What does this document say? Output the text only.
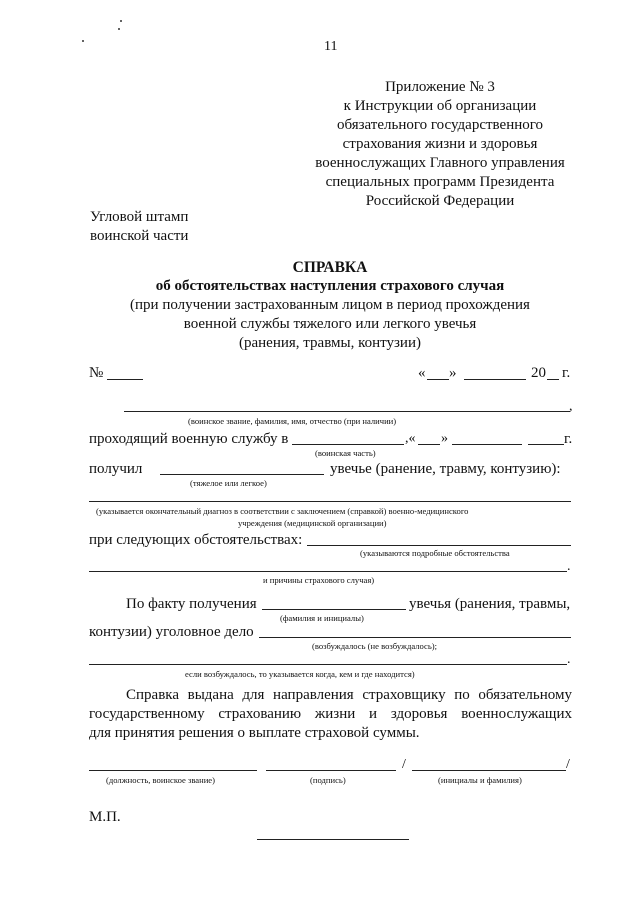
11
Приложение № 3
к Инструкции об организации
обязательного государственного
страхования жизни и здоровья
военнослужащих Главного управления
специальных программ Президента
Российской Федерации
Угловой штамп
воинской части
СПРАВКА
об обстоятельствах наступления страхового случая
(при получении застрахованным лицом в период прохождения
военной службы тяжелого или легкого увечья
(ранения, травмы, контузии)
№	« »	20 г.
,
(воинское звание, фамилия, имя, отчество (при наличии)
проходящий военную службу в	,« »	г.
(воинская часть)
получил	увечье (ранение, травму, контузию):
(тяжелое или легкое)
(указывается окончательный диагноз в соответствии с заключением (справкой) военно-медицинского
учреждения (медицинской организации)
при следующих обстоятельствах:
(указываются подробные обстоятельства
.
и причины страхового случая)
По факту получения	увечья (ранения, травмы,
(фамилия и инициалы)
контузии) уголовное дело
(возбуждалось (не возбуждалось);
.
если возбуждалось, то указывается когда, кем и где находится)
Справка выдана для направления страховщику по обязательному
государственному страхованию жизни и здоровья военнослужащих
для принятия решения о выплате страховой суммы.
/	/
(должность, воинское звание)	(подпись)	(инициалы и фамилия)
М.П.
